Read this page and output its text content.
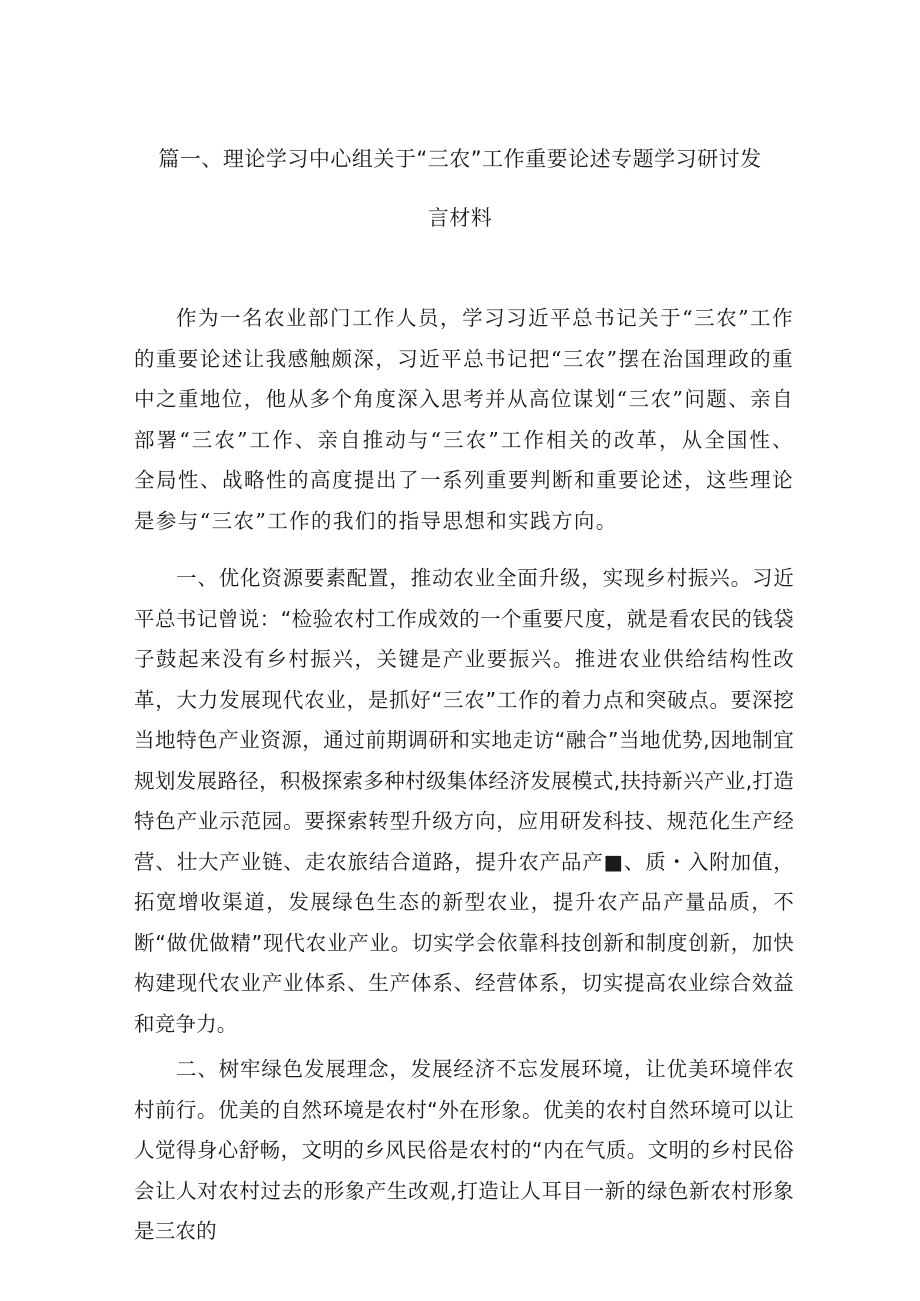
篇一、理论学习中心组关于“三农”工作重要论述专题学习研讨发
言材料

作为一名农业部门工作人员，学习习近平总书记关于“三农”工作的重要论述让我感触颇深，习近平总书记把“三农”摆在治国理政的重中之重地位，他从多个角度深入思考并从高位谋划“三农”问题、亲自部署“三农”工作、亲自推动与“三农”工作相关的改革，从全国性、全局性、战略性的高度提出了一系列重要判断和重要论述，这些理论是参与“三农”工作的我们的指导思想和实践方向。

一、优化资源要素配置，推动农业全面升级，实现乡村振兴。习近平总书记曾说：“检验农村工作成效的一个重要尺度，就是看农民的钱袋子鼓起来没有乡村振兴，关键是产业要振兴。推进农业供给结构性改革，大力发展现代农业，是抓好“三农”工作的着力点和突破点。要深挖当地特色产业资源，通过前期调研和实地走访“融合”当地优势,因地制宜规划发展路径，积极探索多种村级集体经济发展模式,扶持新兴产业,打造特色产业示范园。要探索转型升级方向，应用研发科技、规范化生产经营、壮大产业链、走农旅结合道路，提升农产品产■、质・入附加值，拓宽增收渠道，发展绿色生态的新型农业，提升农产品产量品质，不断“做优做精”现代农业产业。切实学会依靠科技创新和制度创新，加快构建现代农业产业体系、生产体系、经营体系，切实提高农业综合效益和竞争力。

二、树牢绿色发展理念，发展经济不忘发展环境，让优美环境伴农村前行。优美的自然环境是农村“外在形象。优美的农村自然环境可以让人觉得身心舒畅，文明的乡风民俗是农村的“内在气质。文明的乡村民俗会让人对农村过去的形象产生改观,打造让人耳目一新的绿色新农村形象是三农的
